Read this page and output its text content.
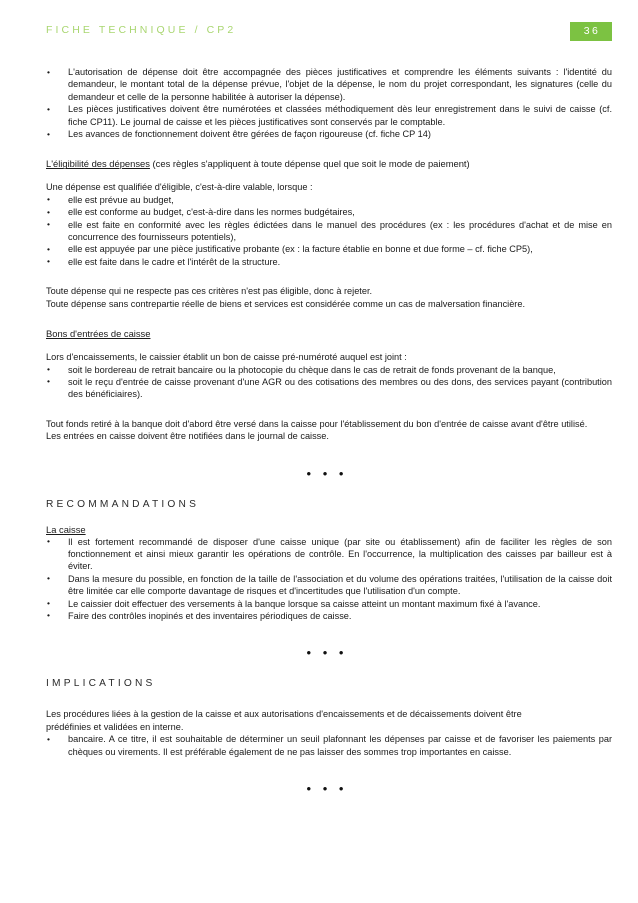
FICHE TECHNIQUE / CP2	36
• L'autorisation de dépense doit être accompagnée des pièces justificatives et comprendre les éléments suivants : l'identité du demandeur, le montant total de la dépense prévue, l'objet de la dépense, le nom du projet correspondant, les signatures (celle du demandeur et celle de la personne habilitée à autoriser la dépense).
• Les pièces justificatives doivent être numérotées et classées méthodiquement dès leur enregistrement dans le suivi de caisse (cf. fiche CP11). Le journal de caisse et les pièces justificatives sont conservés par le comptable.
• Les avances de fonctionnement doivent être gérées de façon rigoureuse (cf. fiche CP 14)
L'éligibilité des dépenses (ces règles s'appliquent à toute dépense quel que soit le mode de paiement)

Une dépense est qualifiée d'éligible, c'est-à-dire valable, lorsque :

• elle est prévue au budget,
• elle est conforme au budget, c'est-à-dire dans les normes budgétaires,
• elle est faite en conformité avec les règles édictées dans le manuel des procédures (ex : les procédures d'achat et de mise en concurrence des fournisseurs potentiels),
• elle est appuyée par une pièce justificative probante (ex : la facture établie en bonne et due forme – cf. fiche CP5),
• elle est faite dans le cadre et l'intérêt de la structure.

Toute dépense qui ne respecte pas ces critères n'est pas éligible, donc à rejeter.

Toute dépense sans contrepartie réelle de biens et services est considérée comme un cas de malversation financière.

Bons d'entrées de caisse

Lors d'encaissements, le caissier établit un bon de caisse pré-numéroté auquel est joint :

• soit le bordereau de retrait bancaire ou la photocopie du chèque dans le cas de retrait de fonds provenant de la banque,
• soit le reçu d'entrée de caisse provenant d'une AGR ou des cotisations des membres ou des dons, des services payant (contribution des bénéficiaires).

Tout fonds retiré à la banque doit d'abord être versé dans la caisse pour l'établissement du bon d'entrée de caisse avant d'être utilisé.

Les entrées en caisse doivent être notifiées dans le journal de caisse.

• • •
RECOMMANDATIONS
La caisse
• Il est fortement recommandé de disposer d'une caisse unique (par site ou établissement) afin de faciliter les règles de son fonctionnement et ainsi mieux garantir les opérations de contrôle. En l'occurrence, la multiplication des caisses par bailleur est à éviter.
• Dans la mesure du possible, en fonction de la taille de l'association et du volume des opérations traitées, l'utilisation de la caisse doit être limitée car elle comporte davantage de risques et d'incertitudes que l'utilisation d'un compte.
• Le caissier doit effectuer des versements à la banque lorsque sa caisse atteint un montant maximum fixé à l'avance.
• Faire des contrôles inopinés et des inventaires périodiques de caisse.
• • •
IMPLICATIONS

Les procédures liées à la gestion de la caisse et aux autorisations d'encaissements et de décaissements doivent être

prédéfinies et validées en interne.

• bancaire. A ce titre, il est souhaitable de déterminer un seuil plafonnant les dépenses par caisse et de favoriser les paiements par chèques ou virements. Il est préférable également de ne pas laisser des sommes trop importantes en caisse.
• • •
